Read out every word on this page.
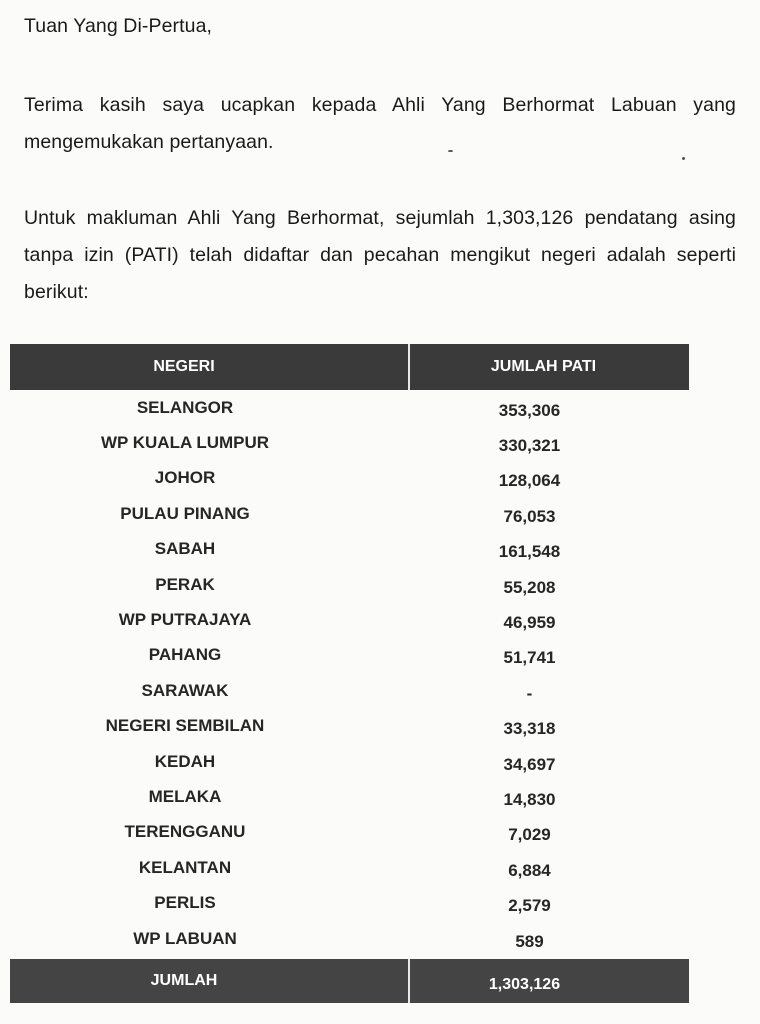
Tuan Yang Di-Pertua,
Terima kasih saya ucapkan kepada Ahli Yang Berhormat Labuan yang mengemukakan pertanyaan.
Untuk makluman Ahli Yang Berhormat, sejumlah 1,303,126 pendatang asing tanpa izin (PATI) telah didaftar dan pecahan mengikut negeri adalah seperti berikut:
NEGERI	JUMLAH PATI
SELANGOR	353,306
WP KUALA LUMPUR	330,321
JOHOR	128,064
PULAU PINANG	76,053
SABAH	161,548
PERAK	55,208
WP PUTRAJAYA	46,959
PAHANG	51,741
SARAWAK	-
NEGERI SEMBILAN	33,318
KEDAH	34,697
MELAKA	14,830
TERENGGANU	7,029
KELANTAN	6,884
PERLIS	2,579
WP LABUAN	589
JUMLAH	1,303,126
